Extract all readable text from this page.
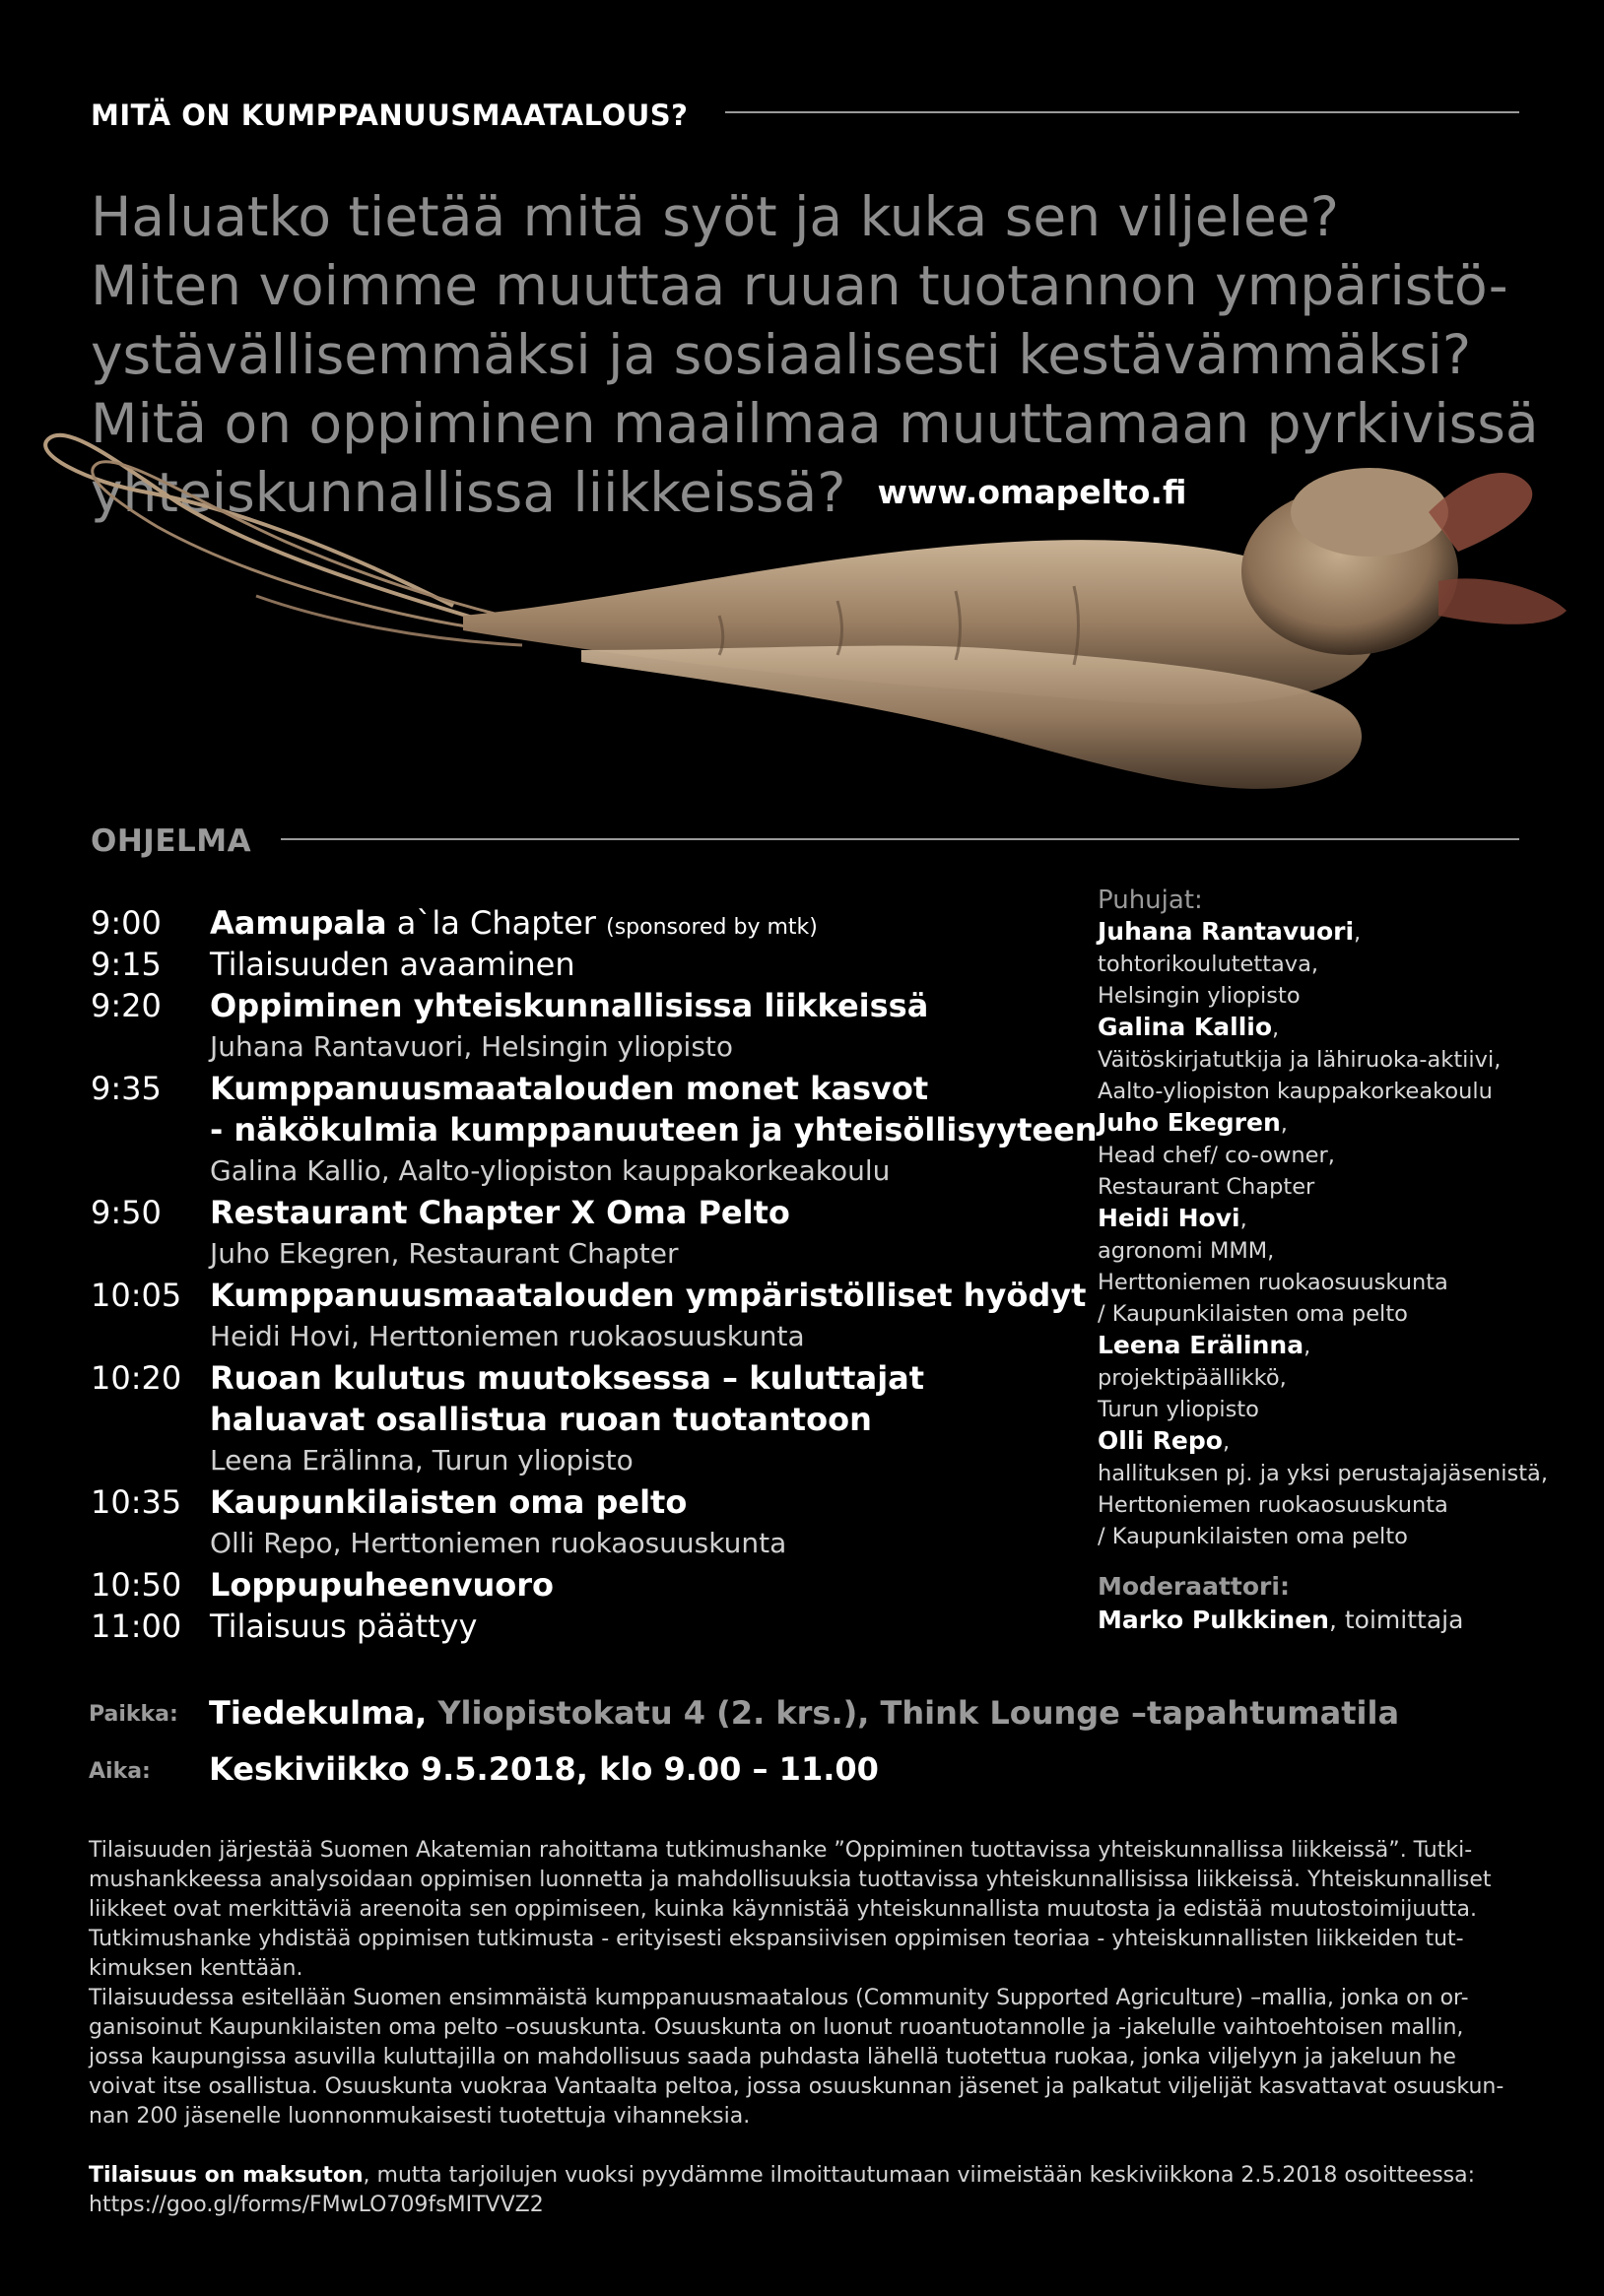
MITÄ ON KUMPPANUUSMAATALOUS?
Haluatko tietää mitä syöt ja kuka sen viljelee?
Miten voimme muuttaa ruuan tuotannon ympäristö-
ystävällisemmäksi ja sosiaalisesti kestävämmäksi?
Mitä on oppiminen maailmaa muuttamaan pyrkivissä
yhteiskunnallissa liikkeissä? www.omapelto.fi
OHJELMA
9:00	Aamupala a`la Chapter (sponsored by mtk)
9:15	Tilaisuuden avaaminen
9:20	Oppiminen yhteiskunnallisissa liikkeissä
Juhana Rantavuori, Helsingin yliopisto
9:35	Kumppanuusmaatalouden monet kasvot
- näkökulmia kumppanuuteen ja yhteisöllisyyteen
Galina Kallio, Aalto-yliopiston kauppakorkeakoulu
9:50	Restaurant Chapter X Oma Pelto
Juho Ekegren, Restaurant Chapter
10:05 Kumppanuusmaatalouden ympäristölliset hyödyt
Heidi Hovi, Herttoniemen ruokaosuuskunta
10:20 Ruoan kulutus muutoksessa – kuluttajat
haluavat osallistua ruoan tuotantoon
Leena Erälinna, Turun yliopisto
10:35 Kaupunkilaisten oma pelto
Olli Repo, Herttoniemen ruokaosuuskunta
10:50 Loppupuheenvuoro
11:00 Tilaisuus päättyy
Puhujat:
Juhana Rantavuori,
tohtorikoulutettava,
Helsingin yliopisto
Galina Kallio,
Väitöskirjatutkija ja lähiruoka-aktiivi,
Aalto-yliopiston kauppakorkeakoulu
Juho Ekegren,
Head chef/ co-owner,
Restaurant Chapter
Heidi Hovi,
agronomi MMM,
Herttoniemen ruokaosuuskunta
/ Kaupunkilaisten oma pelto
Leena Erälinna,
projektipäällikkö,
Turun yliopisto
Olli Repo,
hallituksen pj. ja yksi perustajajäsenistä,
Herttoniemen ruokaosuuskunta
/ Kaupunkilaisten oma pelto
Moderaattori:
Marko Pulkkinen, toimittaja
Paikka: Tiedekulma, Yliopistokatu 4 (2. krs.), Think Lounge –tapahtumatila
Aika: Keskiviikko 9.5.2018, klo 9.00 – 11.00

Tilaisuuden järjestää Suomen Akatemian rahoittama tutkimushanke ”Oppiminen tuottavissa yhteiskunnallissa liikkeissä”. Tutki-

mushankkeessa analysoidaan oppimisen luonnetta ja mahdollisuuksia tuottavissa yhteiskunnallisissa liikkeissä. Yhteiskunnalliset

liikkeet ovat merkittäviä areenoita sen oppimiseen, kuinka käynnistää yhteiskunnallista muutosta ja edistää muutostoimijuutta.

Tutkimushanke yhdistää oppimisen tutkimusta - erityisesti ekspansiivisen oppimisen teoriaa - yhteiskunnallisten liikkeiden tut-

kimuksen kenttään.

Tilaisuudessa esitellään Suomen ensimmäistä kumppanuusmaatalous (Community Supported Agriculture) –mallia, jonka on or-

ganisoinut Kaupunkilaisten oma pelto –osuuskunta. Osuuskunta on luonut ruoantuotannolle ja -jakelulle vaihtoehtoisen mallin,

jossa kaupungissa asuvilla kuluttajilla on mahdollisuus saada puhdasta lähellä tuotettua ruokaa, jonka viljelyyn ja jakeluun he

voivat itse osallistua. Osuuskunta vuokraa Vantaalta peltoa, jossa osuuskunnan jäsenet ja palkatut viljelijät kasvattavat osuuskun-

nan 200 jäsenelle luonnonmukaisesti tuotettuja vihanneksia.

Tilaisuus on maksuton, mutta tarjoilujen vuoksi pyydämme ilmoittautumaan viimeistään keskiviikkona 2.5.2018 osoitteessa:

https://goo.gl/forms/FMwLO709fsMITVVZ2
